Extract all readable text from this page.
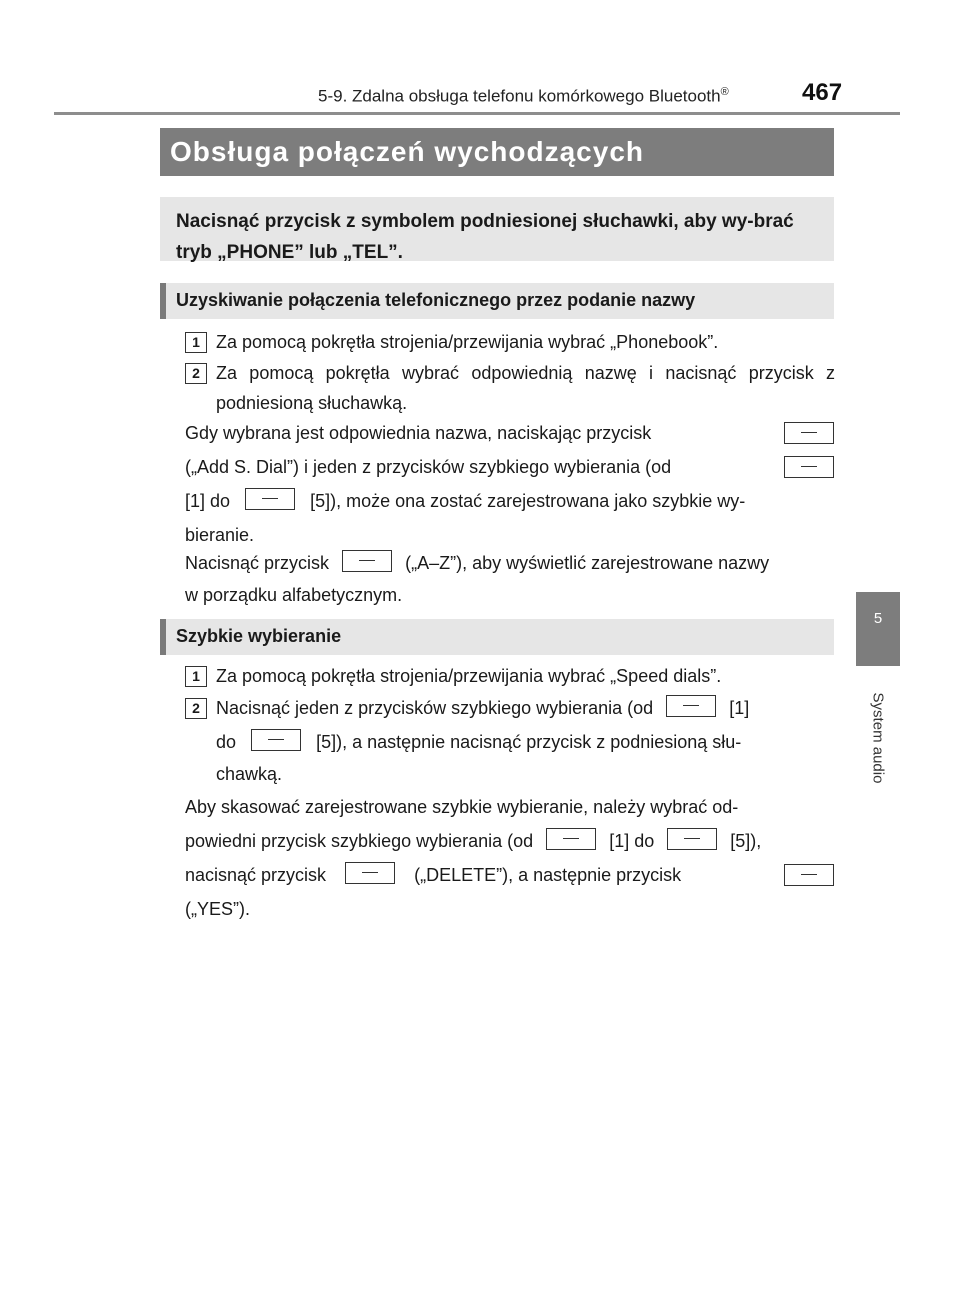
5-9. Zdalna obsługa telefonu komórkowego Bluetooth®	467
Obsługa połączeń wychodzących
Nacisnąć przycisk z symbolem podniesionej słuchawki, aby wy-brać tryb „PHONE” lub „TEL”.
Uzyskiwanie połączenia telefonicznego przez podanie nazwy
1 Za pomocą pokrętła strojenia/przewijania wybrać „Phonebook”.
2 Za pomocą pokrętła wybrać odpowiednią nazwę i nacisnąć przycisk z podniesioną słuchawką.
Gdy wybrana jest odpowiednia nazwa, naciskając przycisk
(„Add S. Dial”) i jeden z przycisków szybkiego wybierania (od
[1] do	[5]), może ona zostać zarejestrowana jako szybkie wy-
bieranie.
Nacisnąć przycisk	(„A–Z”), aby wyświetlić zarejestrowane nazwy
w porządku alfabetycznym.
Szybkie wybieranie
1 Za pomocą pokrętła strojenia/przewijania wybrać „Speed dials”.
2 Nacisnąć jeden z przycisków szybkiego wybierania (od	[1]
do	[5]), a następnie nacisnąć przycisk z podniesioną słu-
chawką.
Aby skasować zarejestrowane szybkie wybieranie, należy wybrać od-
powiedni przycisk szybkiego wybierania (od	[1] do	[5]),
nacisnąć przycisk	(„DELETE”), a następnie przycisk
(„YES”).
5
System audio
